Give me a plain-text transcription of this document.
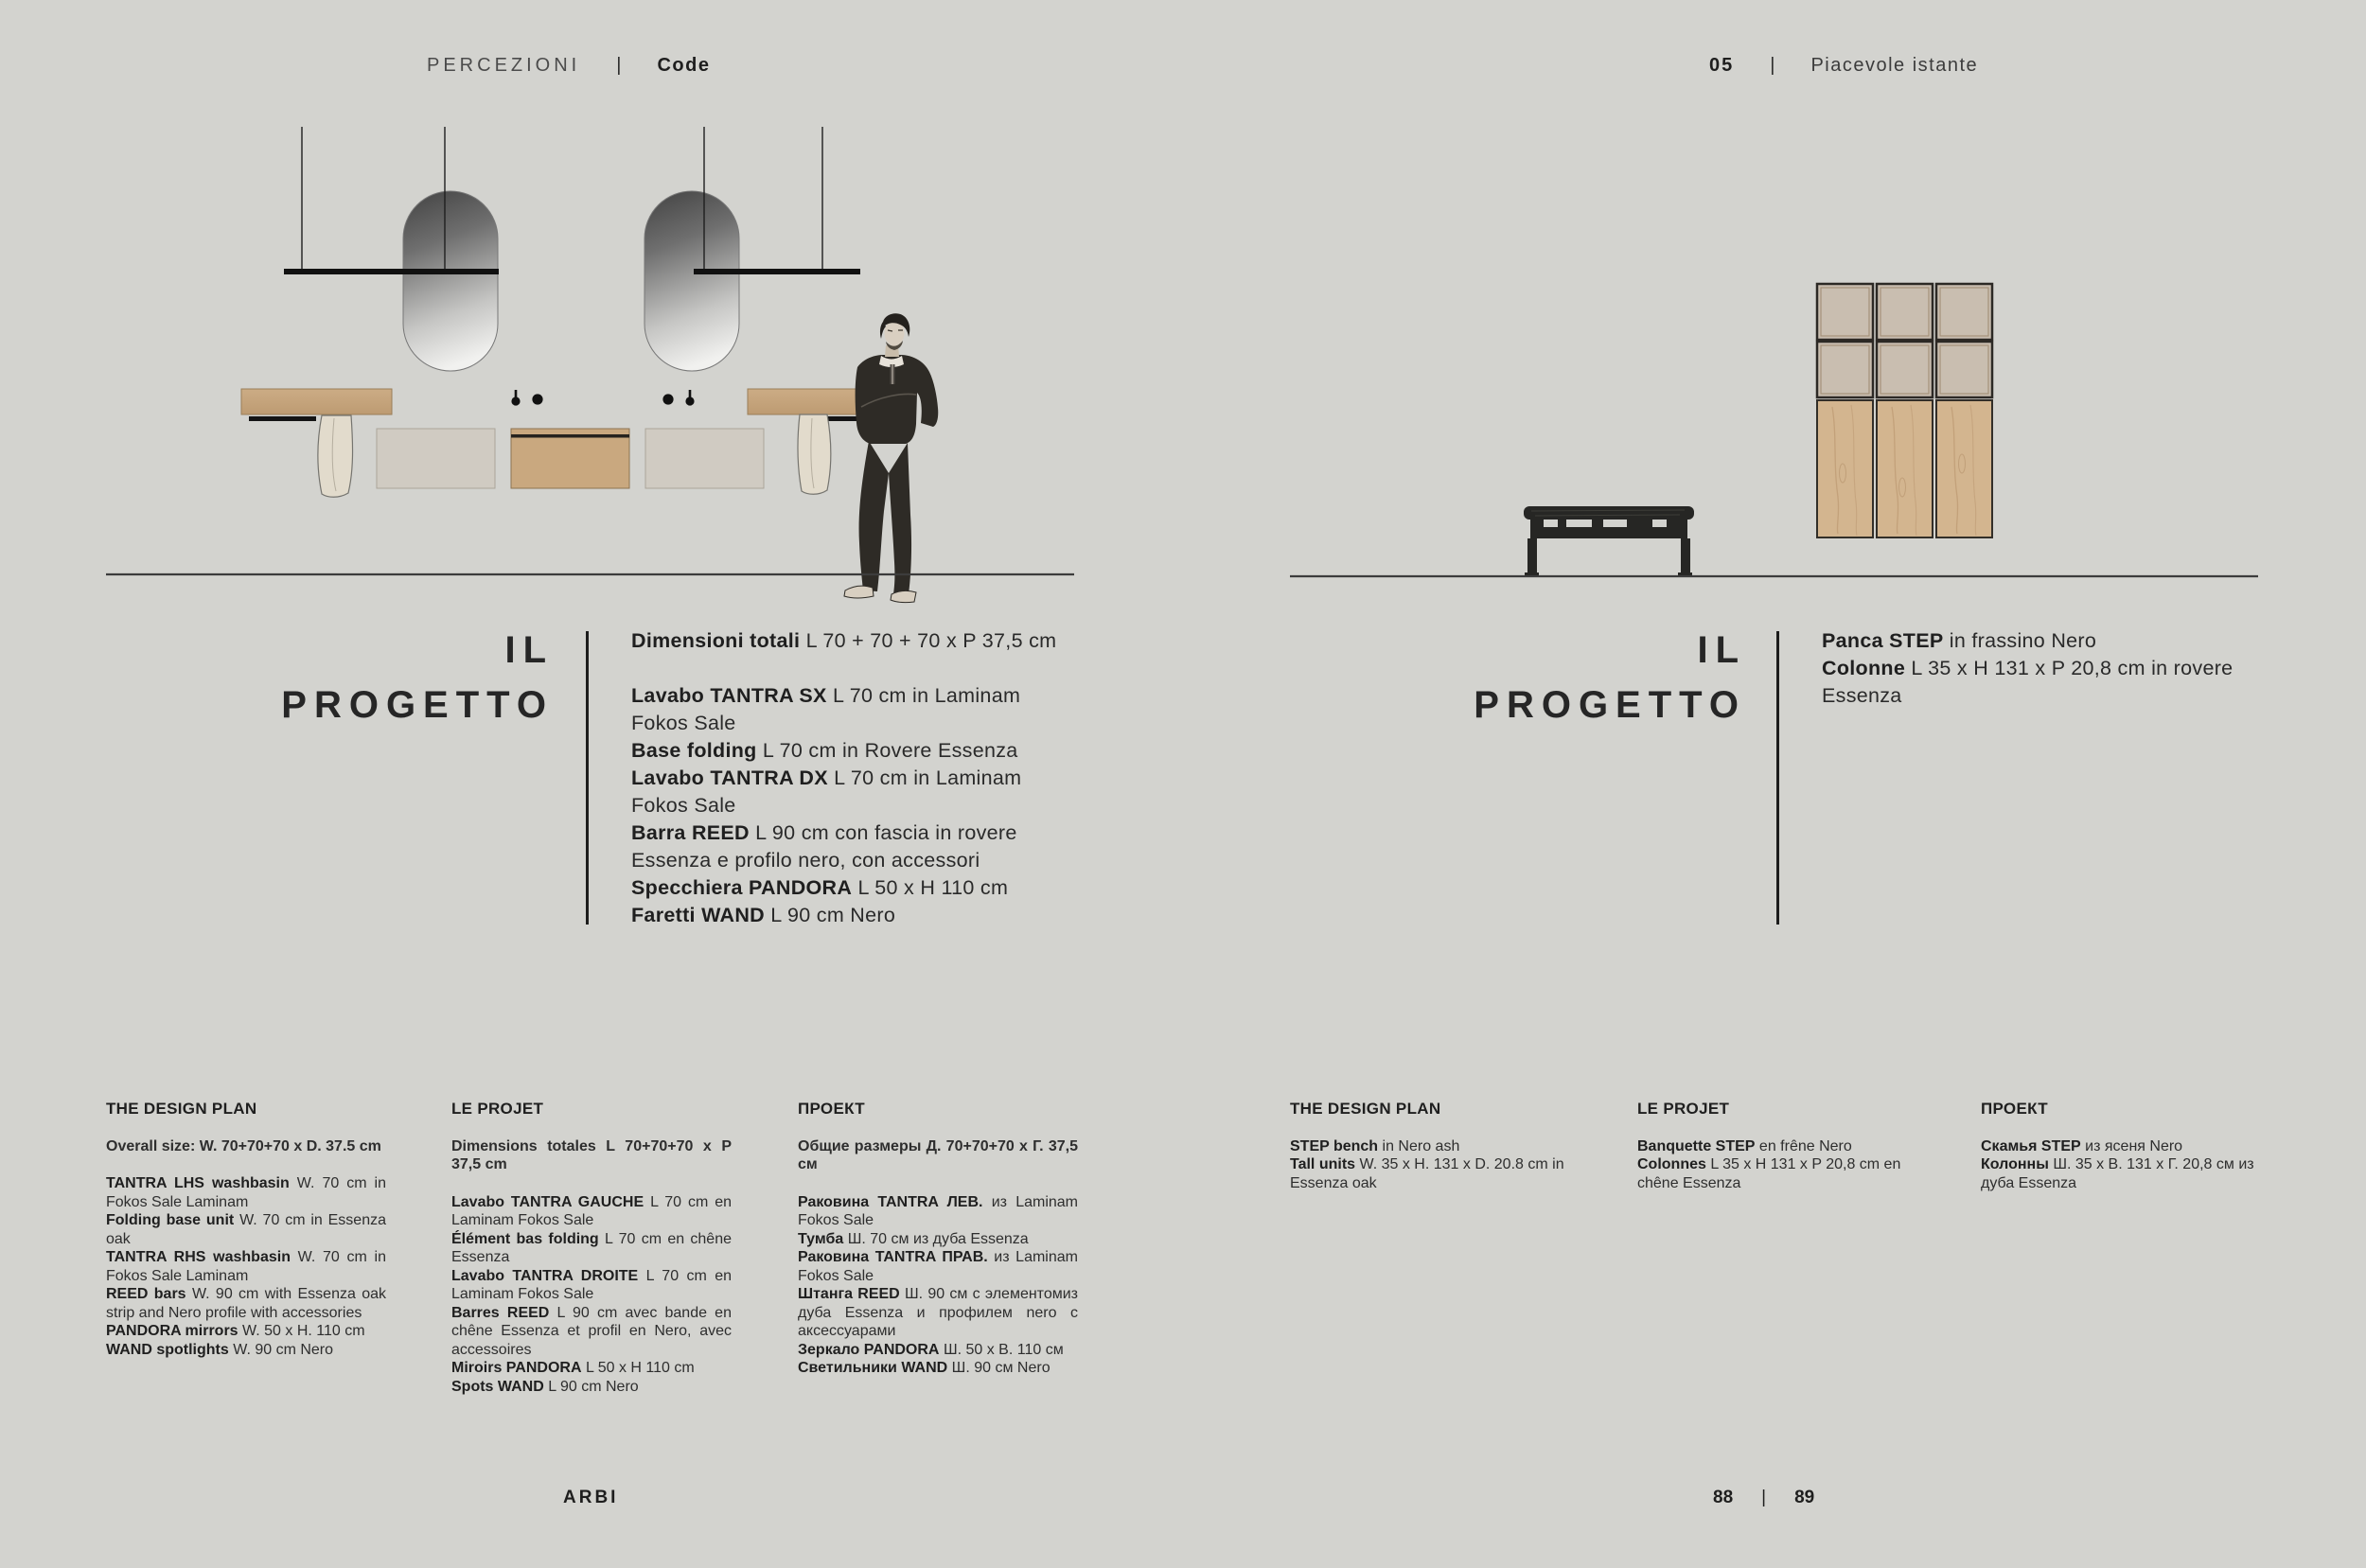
PERCEZIONI | Code	05 | Piacevole istante
IL
PROGETTO

Dimensioni totali L 70 + 70 + 70 x P 37,5 cm

Lavabo TANTRA SX L 70 cm in Laminam Fokos Sale

Base folding L 70 cm in Rovere Essenza

Lavabo TANTRA DX L 70 cm in Laminam Fokos Sale

Barra REED L 90 cm con fascia in rovere Essenza e profilo nero, con accessori

Specchiera PANDORA L 50 x H 110 cm

Faretti WAND L 90 cm Nero

IL
PROGETTO

Panca STEP in frassino Nero

Colonne L 35 x H 131 x P 20,8 cm in rovere Essenza

THE DESIGN PLAN

Overall size: W. 70+70+70 x D. 37.5 cm

TANTRA LHS washbasin W. 70 cm in Fokos Sale Laminam

Folding base unit W. 70 cm in Essenza oak

TANTRA RHS washbasin W. 70 cm in Fokos Sale Laminam

REED bars W. 90 cm with Essenza oak strip and Nero profile with accessories

PANDORA mirrors W. 50 x H. 110 cm

WAND spotlights W. 90 cm Nero

LE PROJET

Dimensions totales L 70+70+70 x P 37,5 cm

Lavabo TANTRA GAUCHE L 70 cm en Laminam Fokos Sale

Élément bas folding L 70 cm en chêne Essenza

Lavabo TANTRA DROITE L 70 cm en Laminam Fokos Sale

Barres REED L 90 cm avec bande en chêne Essenza et profil en Nero, avec accessoires

Miroirs PANDORA L 50 x H 110 cm

Spots WAND L 90 cm Nero

ПРОЕКТ

Общие размеры Д. 70+70+70 x Г. 37,5 см

Раковина TANTRA ЛЕВ. из Laminam Fokos Sale

Тумба Ш. 70 см из дуба Essenza

Раковина TANTRA ПРАВ. из Laminam Fokos Sale

Штанга REED Ш. 90 см с элементомиз дуба Essenza и профилем nero с аксессуарами

Зеркало PANDORA Ш. 50 x В. 110 см

Светильники WAND Ш. 90 см Nero

THE DESIGN PLAN

STEP bench in Nero ash

Tall units W. 35 x H. 131 x D. 20.8 cm in Essenza oak

LE PROJET

Banquette STEP en frêne Nero

Colonnes L 35 x H 131 x P 20,8 cm en chêne Essenza

ПРОЕКТ

Скамья STEP из ясеня Nero

Колонны Ш. 35 x В. 131 x Г. 20,8 см из дуба Essenza

ARBI	88 | 89
